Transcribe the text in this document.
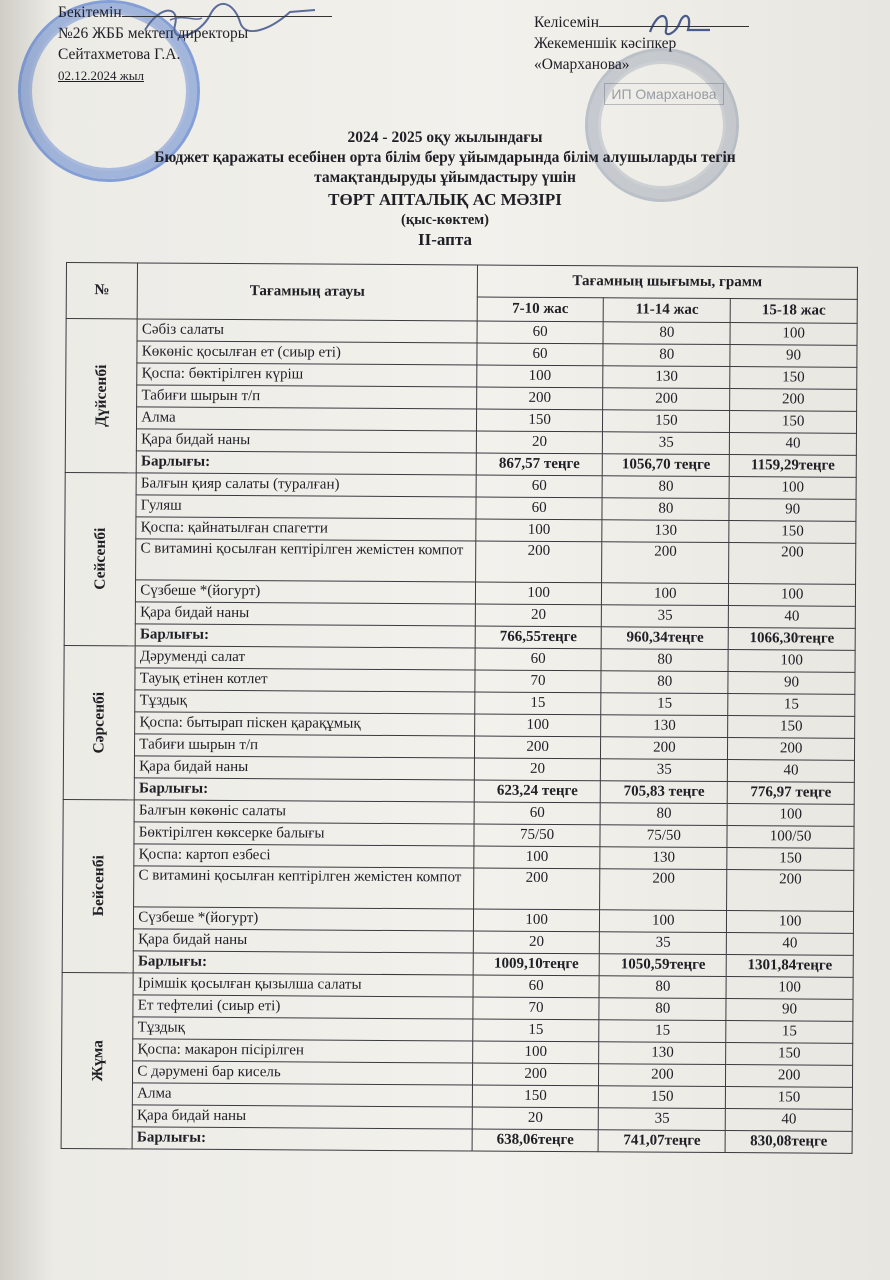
ИП Омарханова
Бекітемін
№26 ЖББ мектеп директоры
Сейтахметова Г.А.
02.12.2024 жыл
Келісемін
Жекеменшік кәсіпкер
«Омарханова»
2024 - 2025 оқу жылындағы
Бюджет қаражаты есебінен орта білім беру ұйымдарында білім алушыларды тегін
тамақтандыруды ұйымдастыру үшін
ТӨРТ АПТАЛЫҚ АС МӘЗІРІ
(қыс-көктем)
ІІ-апта
№	Тағамның атауы	Тағамның шығымы, грамм		
		7-10 жас	11-14 жас	15-18 жас
Дүйсенбі	Сәбіз салаты	60	80	100
	Көкөніс қосылған ет (сиыр еті)	60	80	90
	Қоспа: бөктірілген күріш	100	130	150
	Табиғи шырын т/п	200	200	200
	Алма	150	150	150
	Қара бидай наны	20	35	40
	Барлығы:	867,57 теңге	1056,70 теңге	1159,29теңге
Сейсенбі	Балғын қияр салаты (туралған)	60	80	100
	Гуляш	60	80	90
	Қоспа: қайнатылған спагетти	100	130	150
	С витамині қосылған кептірілген жемістен компот	200	200	200
	Сүзбеше *(йогурт)	100	100	100
	Қара бидай наны	20	35	40
	Барлығы:	766,55теңге	960,34теңге	1066,30теңге
Сәрсенбі	Дәруменді салат	60	80	100
	Тауық етінен котлет	70	80	90
	Тұздық	15	15	15
	Қоспа: бытырап піскен қарақұмық	100	130	150
	Табиғи шырын т/п	200	200	200
	Қара бидай наны	20	35	40
	Барлығы:	623,24 теңге	705,83 теңге	776,97 теңге
Бейсенбі	Балғын көкөніс салаты	60	80	100
	Бөктірілген көксерке балығы	75/50	75/50	100/50
	Қоспа: картоп езбесі	100	130	150
	С витамині қосылған кептірілген жемістен компот	200	200	200
	Сүзбеше *(йогурт)	100	100	100
	Қара бидай наны	20	35	40
	Барлығы:	1009,10теңге	1050,59теңге	1301,84теңге
Жұма	Ірімшік қосылған қызылша салаты	60	80	100
	Ет тефтелиі (сиыр еті)	70	80	90
	Тұздық	15	15	15
	Қоспа: макарон пісірілген	100	130	150
	С дәрумені бар кисель	200	200	200
	Алма	150	150	150
	Қара бидай наны	20	35	40
	Барлығы:	638,06теңге	741,07теңге	830,08теңге
